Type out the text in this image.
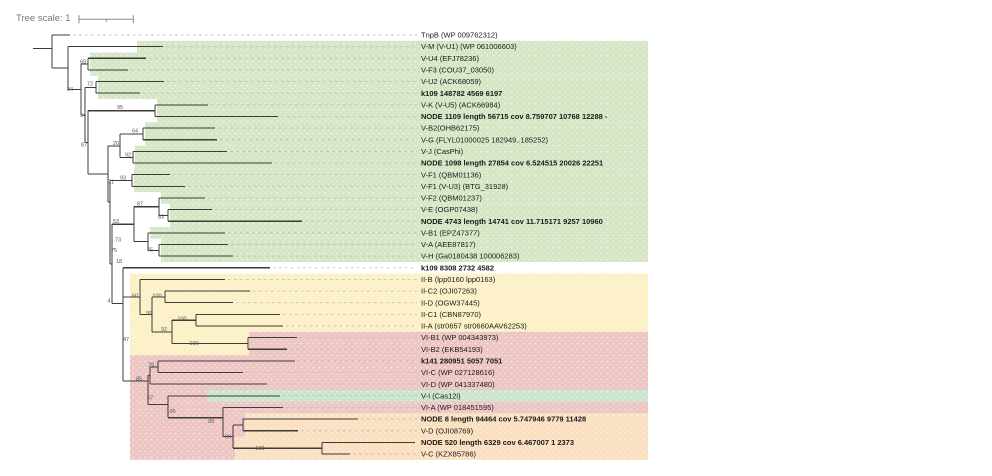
84
69
72
54
87
95
64
20
92
71
93
53
87
83
73
75	75
18
4
47
60	100
99
92
100
100
85
79
67
100
99
99
100
TnpB (WP 009762312)
V-M (V-U1) (WP 061006603)
V-U4 (EFJ78236)
V-F3 (COU37_03050)
V-U2 (ACK68059)
k109 148782 4569 6197
V-K (V-U5) (ACK66984)
NODE 1109 length 56715 cov 8.759707 10768 12288 -
V-B2(OHB62175)
V-G (FLYL01000025 182949..185252)
V-J (CasPhi)
NODE 1098 length 27854 cov 6.524515 20026 22251
V-F1 (QBM01136)
V-F1 (V-U3) (BTG_31928)
V-F2 (QBM01237)
V-E (OGP07438)
NODE 4743 length 14741 cov 11.715171 9257 10960
V-B1 (EPZ47377)
V-A (AEE87817)
V-H (Ga0180438 100006283)
k109 8308 2732 4582
II-B (lpp0160 lpp0163)
II-C2 (OJI07263)
II-D (OGW37445)
II-C1 (CBN87970)
II-A (str0657 str0660AAV62253)
VI-B1 (WP 004343973)
VI-B2 (EKB54193)
k141 280951 5057 7051
VI-C (WP 027128616)
VI-D (WP 041337480)
V-I (Cas12i)
VI-A (WP 018451595)
NODE 8 length 94464 cov 5.747946 9779 11428
V-D (OJI08769)
NODE 520 length 6329 cov 6.467007 1 2373
V-C (KZX85786)
Tree scale: 1
